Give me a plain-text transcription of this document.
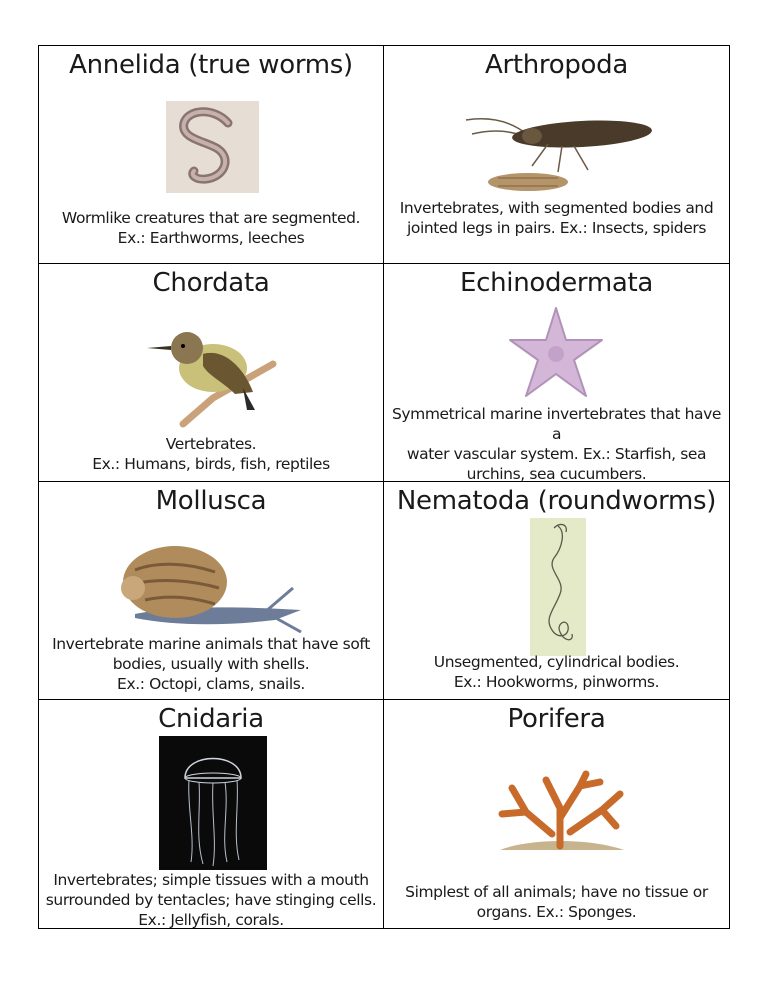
Annelida (true worms)
Wormlike creatures that are segmented.
Ex.: Earthworms, leeches
Arthropoda
Invertebrates, with segmented bodies and
jointed legs in pairs. Ex.: Insects, spiders
Chordata
Vertebrates.
Ex.: Humans, birds, fish, reptiles
Echinodermata
Symmetrical marine invertebrates that have a
water vascular system. Ex.: Starfish, sea
urchins, sea cucumbers.
Mollusca
Invertebrate marine animals that have soft
bodies, usually with shells.
Ex.: Octopi, clams, snails.
Nematoda (roundworms)
Unsegmented, cylindrical bodies.
Ex.: Hookworms, pinworms.
Cnidaria
Invertebrates; simple tissues with a mouth
surrounded by tentacles; have stinging cells.
Ex.: Jellyfish, corals.
Porifera
Simplest of all animals; have no tissue or
organs. Ex.: Sponges.
